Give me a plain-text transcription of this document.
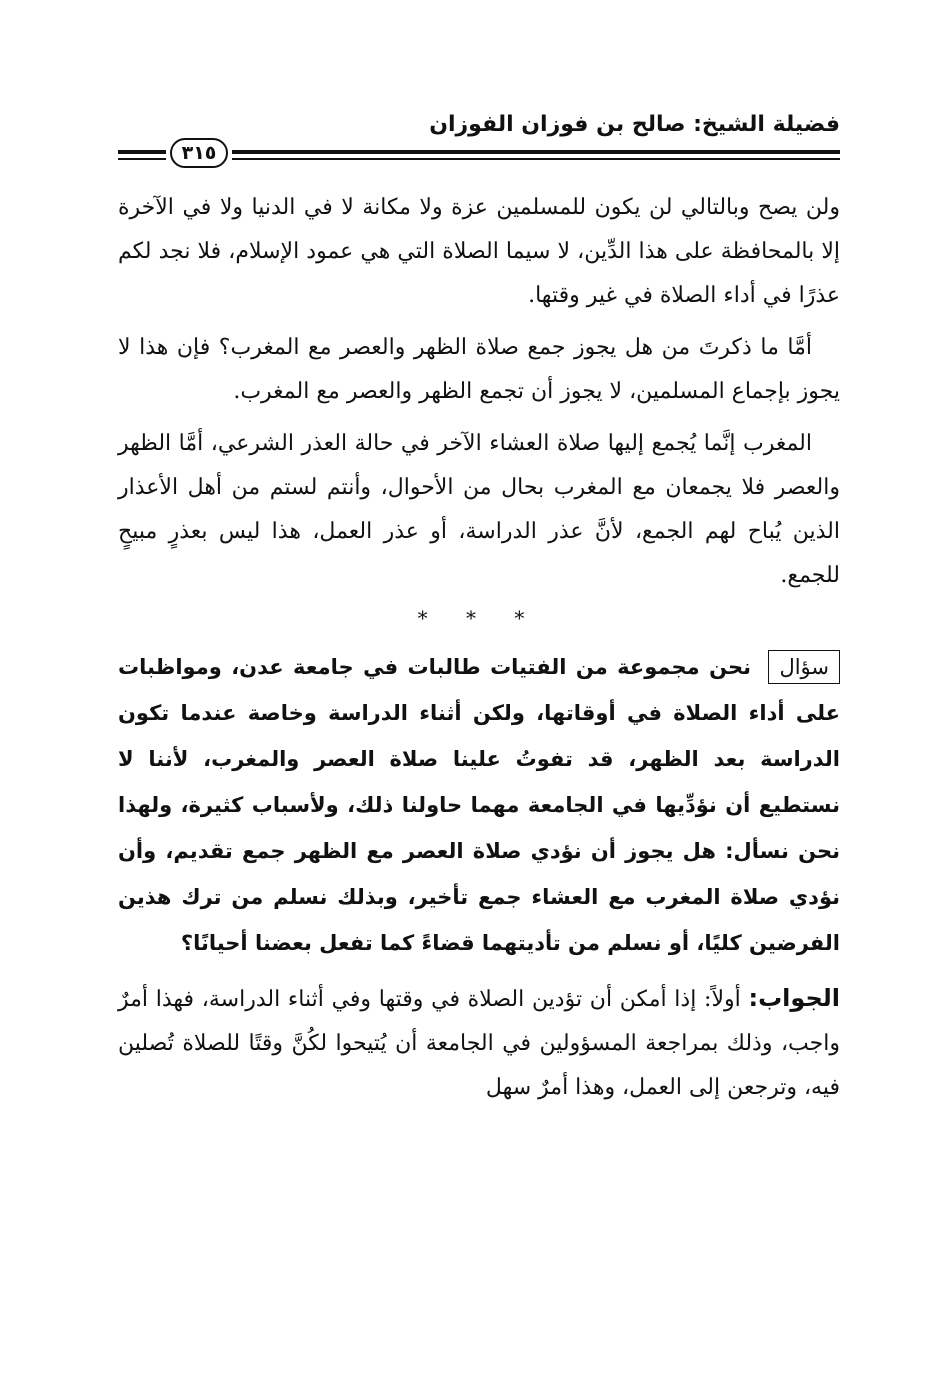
فضيلة الشيخ: صالح بن فوزان الفوزان
٣١٥

ولن يصح وبالتالي لن يكون للمسلمين عزة ولا مكانة لا في الدنيا ولا في الآخرة إلا بالمحافظة على هذا الدِّين، لا سيما الصلاة التي هي عمود الإسلام، فلا نجد لكم عذرًا في أداء الصلاة في غير وقتها.

أمَّا ما ذكرتَ من هل يجوز جمع صلاة الظهر والعصر مع المغرب؟ فإن هذا لا يجوز بإجماع المسلمين، لا يجوز أن تجمع الظهر والعصر مع المغرب.

المغرب إنَّما يُجمع إليها صلاة العشاء الآخر في حالة العذر الشرعي، أمَّا الظهر والعصر فلا يجمعان مع المغرب بحال من الأحوال، وأنتم لستم من أهل الأعذار الذين يُباح لهم الجمع، لأنَّ عذر الدراسة، أو عذر العمل، هذا ليس بعذرٍ مبيحٍ للجمع.

* * *

سؤال نحن مجموعة من الفتيات طالبات في جامعة عدن، ومواظبات على أداء الصلاة في أوقاتها، ولكن أثناء الدراسة وخاصة عندما تكون الدراسة بعد الظهر، قد تفوتُ علينا صلاة العصر والمغرب، لأننا لا نستطيع أن نؤدِّيها في الجامعة مهما حاولنا ذلك، ولأسباب كثيرة، ولهذا نحن نسأل: هل يجوز أن نؤدي صلاة العصر مع الظهر جمع تقديم، وأن نؤدي صلاة المغرب مع العشاء جمع تأخير، وبذلك نسلم من ترك هذين الفرضين كليًا، أو نسلم من تأديتهما قضاءً كما تفعل بعضنا أحيانًا؟

الجواب: أولاً: إذا أمكن أن تؤدين الصلاة في وقتها وفي أثناء الدراسة، فهذا أمرٌ واجب، وذلك بمراجعة المسؤولين في الجامعة أن يُتيحوا لكُنَّ وقتًا للصلاة تُصلين فيه، وترجعن إلى العمل، وهذا أمرٌ سهل
